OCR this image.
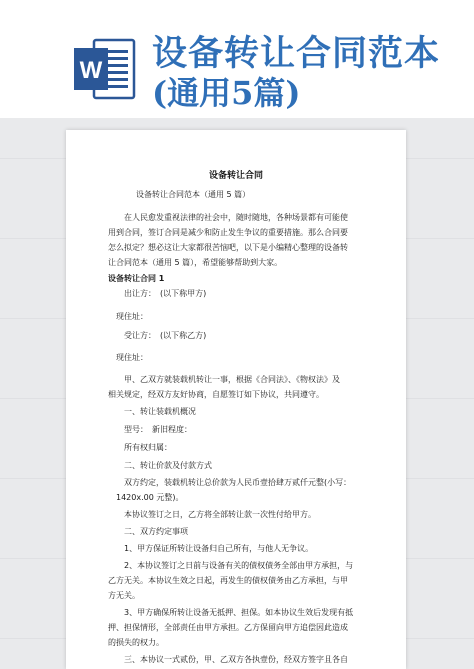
W 设备转让合同范本
(通用5篇)
设备转让合同
设备转让合同范本（通用 5 篇）
在人民愈发重视法律的社会中，随时随地，各种场景都有可能使
用到合同，签订合同是减少和防止发生争议的重要措施。那么合同要
怎么拟定？想必这让大家都很苦恼吧，以下是小编精心整理的设备转
让合同范本（通用 5 篇），希望能够帮助到大家。
设备转让合同 1
出让方：　(以下称甲方)
现住址：
受让方：　(以下称乙方)
现住址：
甲、乙双方就装载机转让一事，根据《合同法》、《物权法》及
相关规定，经双方友好协商，自愿签订如下协议，共同遵守。
一、转让装载机概况
型号：　新旧程度：
所有权归属：
二、转让价款及付款方式
双方约定，装载机转让总价款为人民币壹拾肆万贰仟元整(小写：
1420x.00 元整)。
本协议签订之日，乙方将全部转让款一次性付给甲方。
二、双方约定事项
1、甲方保证所转让设备归自己所有，与他人无争议。
2、本协议签订之日前与设备有关的债权债务全部由甲方承担，与
乙方无关。本协议生效之日起，再发生的债权债务由乙方承担，与甲
方无关。
3、甲方确保所转让设备无抵押、担保。如本协议生效后发现有抵
押、担保情形，全部责任由甲方承担。乙方保留向甲方追偿因此造成
的损失的权力。
三、本协议一式贰份，甲、乙双方各执壹份，经双方签字且各自
